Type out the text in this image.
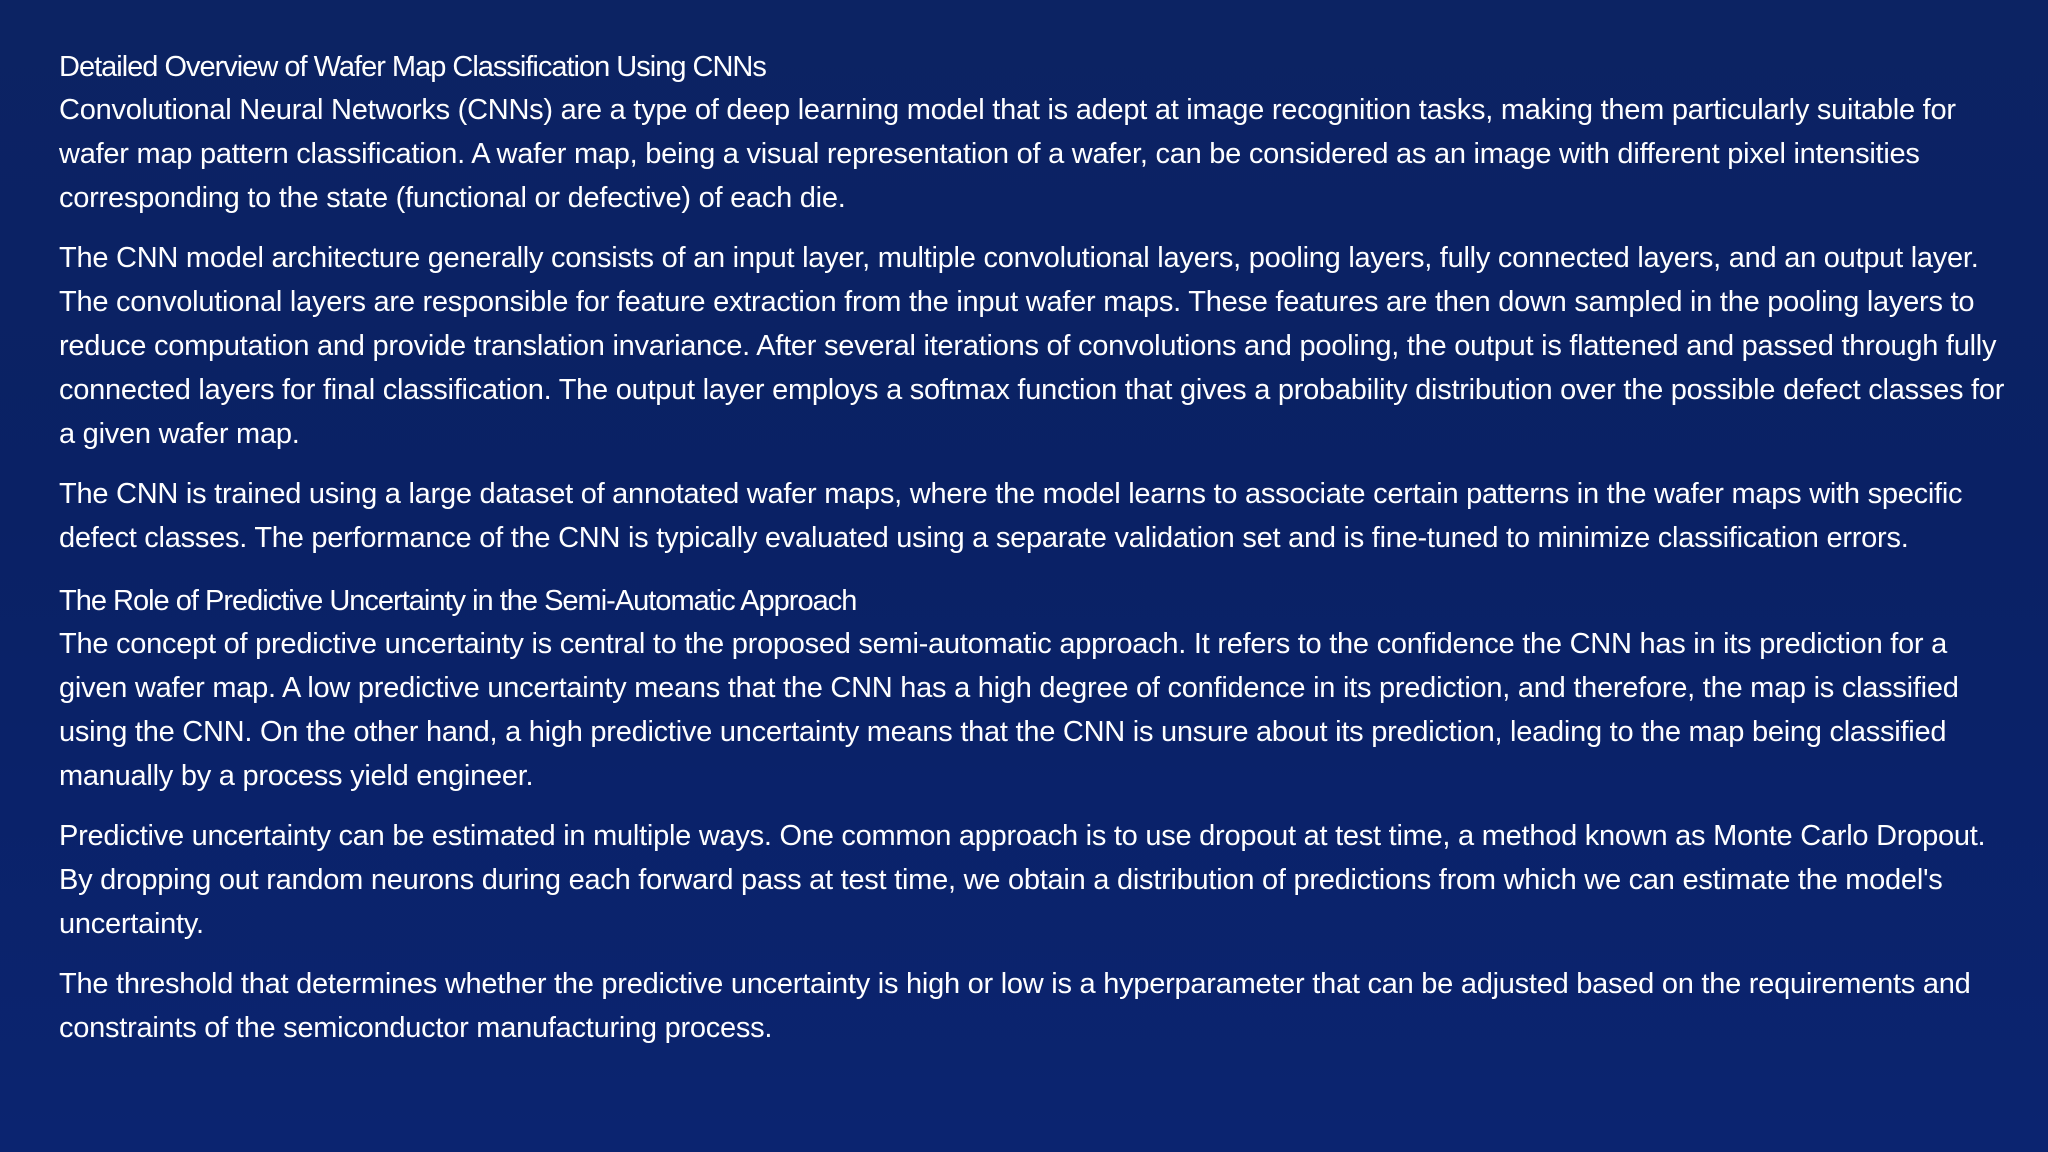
Detailed Overview of Wafer Map Classification Using CNNs

Convolutional Neural Networks (CNNs) are a type of deep learning model that is adept at image recognition tasks, making them particularly suitable for wafer map pattern classification. A wafer map, being a visual representation of a wafer, can be considered as an image with different pixel intensities corresponding to the state (functional or defective) of each die.

The CNN model architecture generally consists of an input layer, multiple convolutional layers, pooling layers, fully connected layers, and an output layer. The convolutional layers are responsible for feature extraction from the input wafer maps. These features are then down sampled in the pooling layers to reduce computation and provide translation invariance. After several iterations of convolutions and pooling, the output is flattened and passed through fully connected layers for final classification. The output layer employs a softmax function that gives a probability distribution over the possible defect classes for a given wafer map.

The CNN is trained using a large dataset of annotated wafer maps, where the model learns to associate certain patterns in the wafer maps with specific defect classes. The performance of the CNN is typically evaluated using a separate validation set and is fine-tuned to minimize classification errors.

The Role of Predictive Uncertainty in the Semi-Automatic Approach

The concept of predictive uncertainty is central to the proposed semi-automatic approach. It refers to the confidence the CNN has in its prediction for a given wafer map. A low predictive uncertainty means that the CNN has a high degree of confidence in its prediction, and therefore, the map is classified using the CNN. On the other hand, a high predictive uncertainty means that the CNN is unsure about its prediction, leading to the map being classified manually by a process yield engineer.

Predictive uncertainty can be estimated in multiple ways. One common approach is to use dropout at test time, a method known as Monte Carlo Dropout. By dropping out random neurons during each forward pass at test time, we obtain a distribution of predictions from which we can estimate the model's uncertainty.

The threshold that determines whether the predictive uncertainty is high or low is a hyperparameter that can be adjusted based on the requirements and constraints of the semiconductor manufacturing process.
